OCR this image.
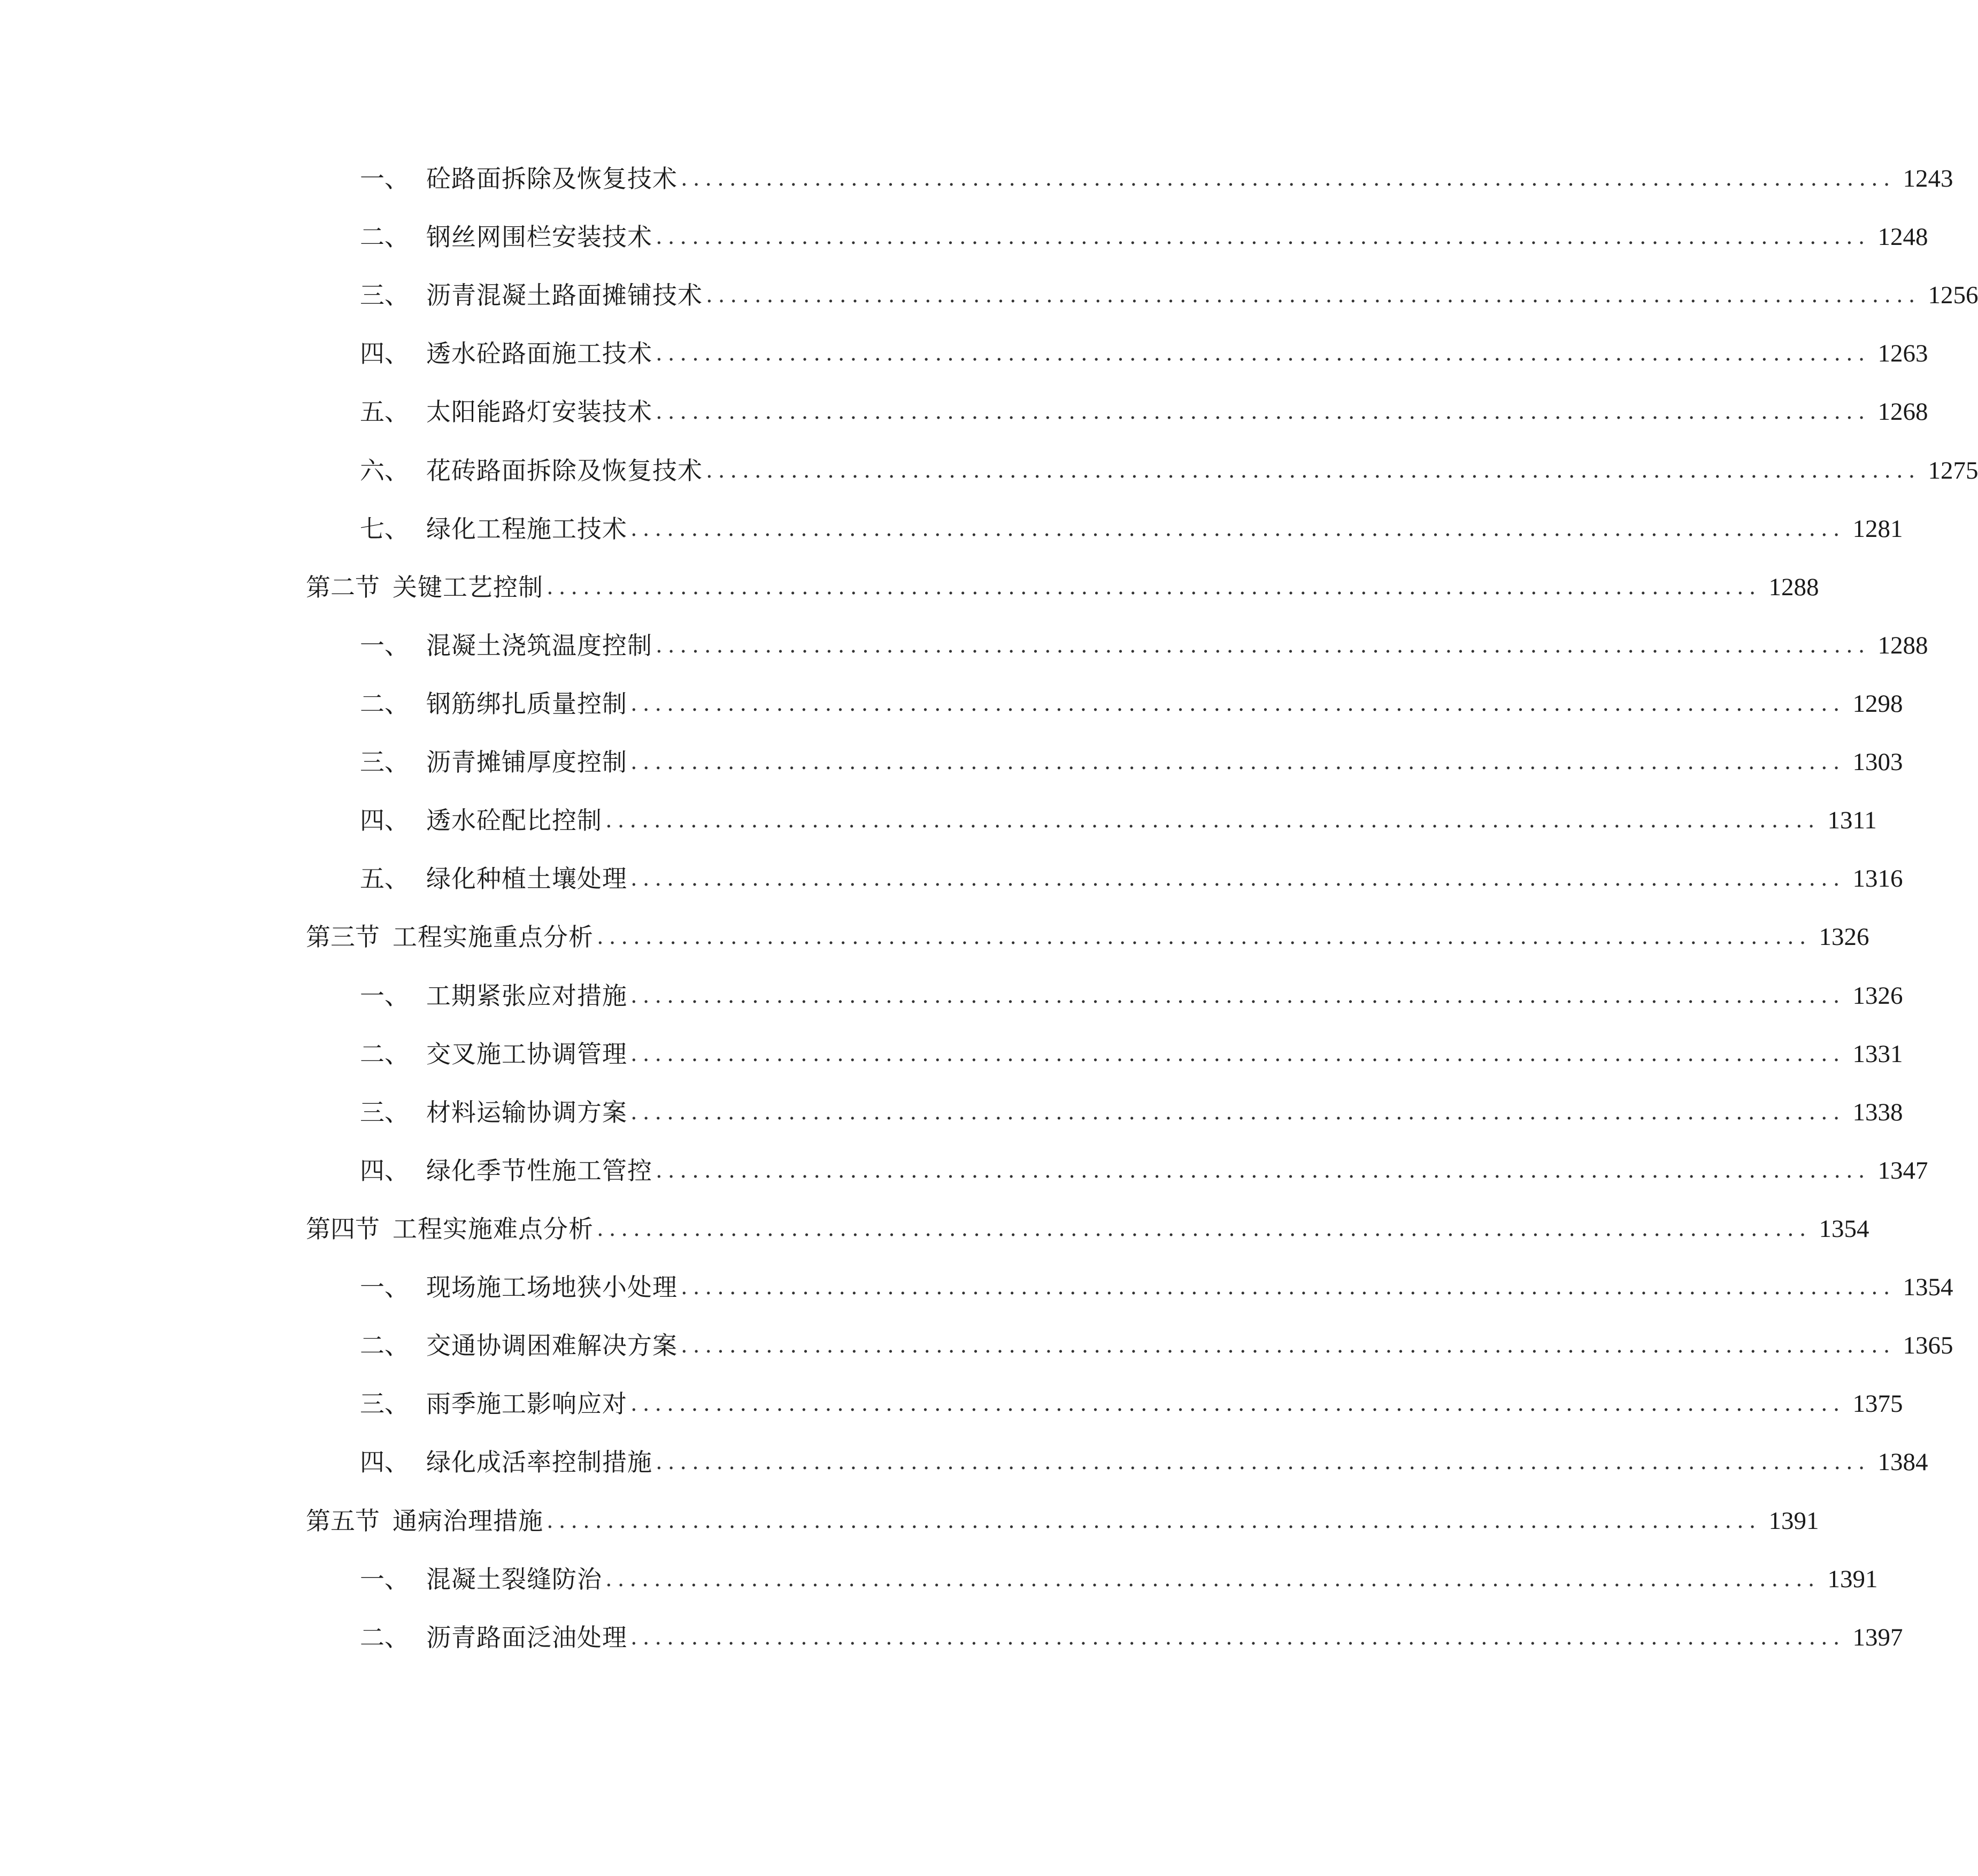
一、 砼路面拆除及恢复技术 .................................................................................................... 1243
二、 钢丝网围栏安装技术 .................................................................................................... 1248
三、 沥青混凝土路面摊铺技术 .................................................................................................... 1256
四、 透水砼路面施工技术 .................................................................................................... 1263
五、 太阳能路灯安装技术 .................................................................................................... 1268
六、 花砖路面拆除及恢复技术 .................................................................................................... 1275
七、 绿化工程施工技术 .................................................................................................... 1281
第二节 关键工艺控制 .................................................................................................... 1288
一、 混凝土浇筑温度控制 .................................................................................................... 1288
二、 钢筋绑扎质量控制 .................................................................................................... 1298
三、 沥青摊铺厚度控制 .................................................................................................... 1303
四、 透水砼配比控制 .................................................................................................... 1311
五、 绿化种植土壤处理 .................................................................................................... 1316
第三节 工程实施重点分析 .................................................................................................... 1326
一、 工期紧张应对措施 .................................................................................................... 1326
二、 交叉施工协调管理 .................................................................................................... 1331
三、 材料运输协调方案 .................................................................................................... 1338
四、 绿化季节性施工管控 .................................................................................................... 1347
第四节 工程实施难点分析 .................................................................................................... 1354
一、 现场施工场地狭小处理 .................................................................................................... 1354
二、 交通协调困难解决方案 .................................................................................................... 1365
三、 雨季施工影响应对 .................................................................................................... 1375
四、 绿化成活率控制措施 .................................................................................................... 1384
第五节 通病治理措施 .................................................................................................... 1391
一、 混凝土裂缝防治 .................................................................................................... 1391
二、 沥青路面泛油处理 .................................................................................................... 1397
